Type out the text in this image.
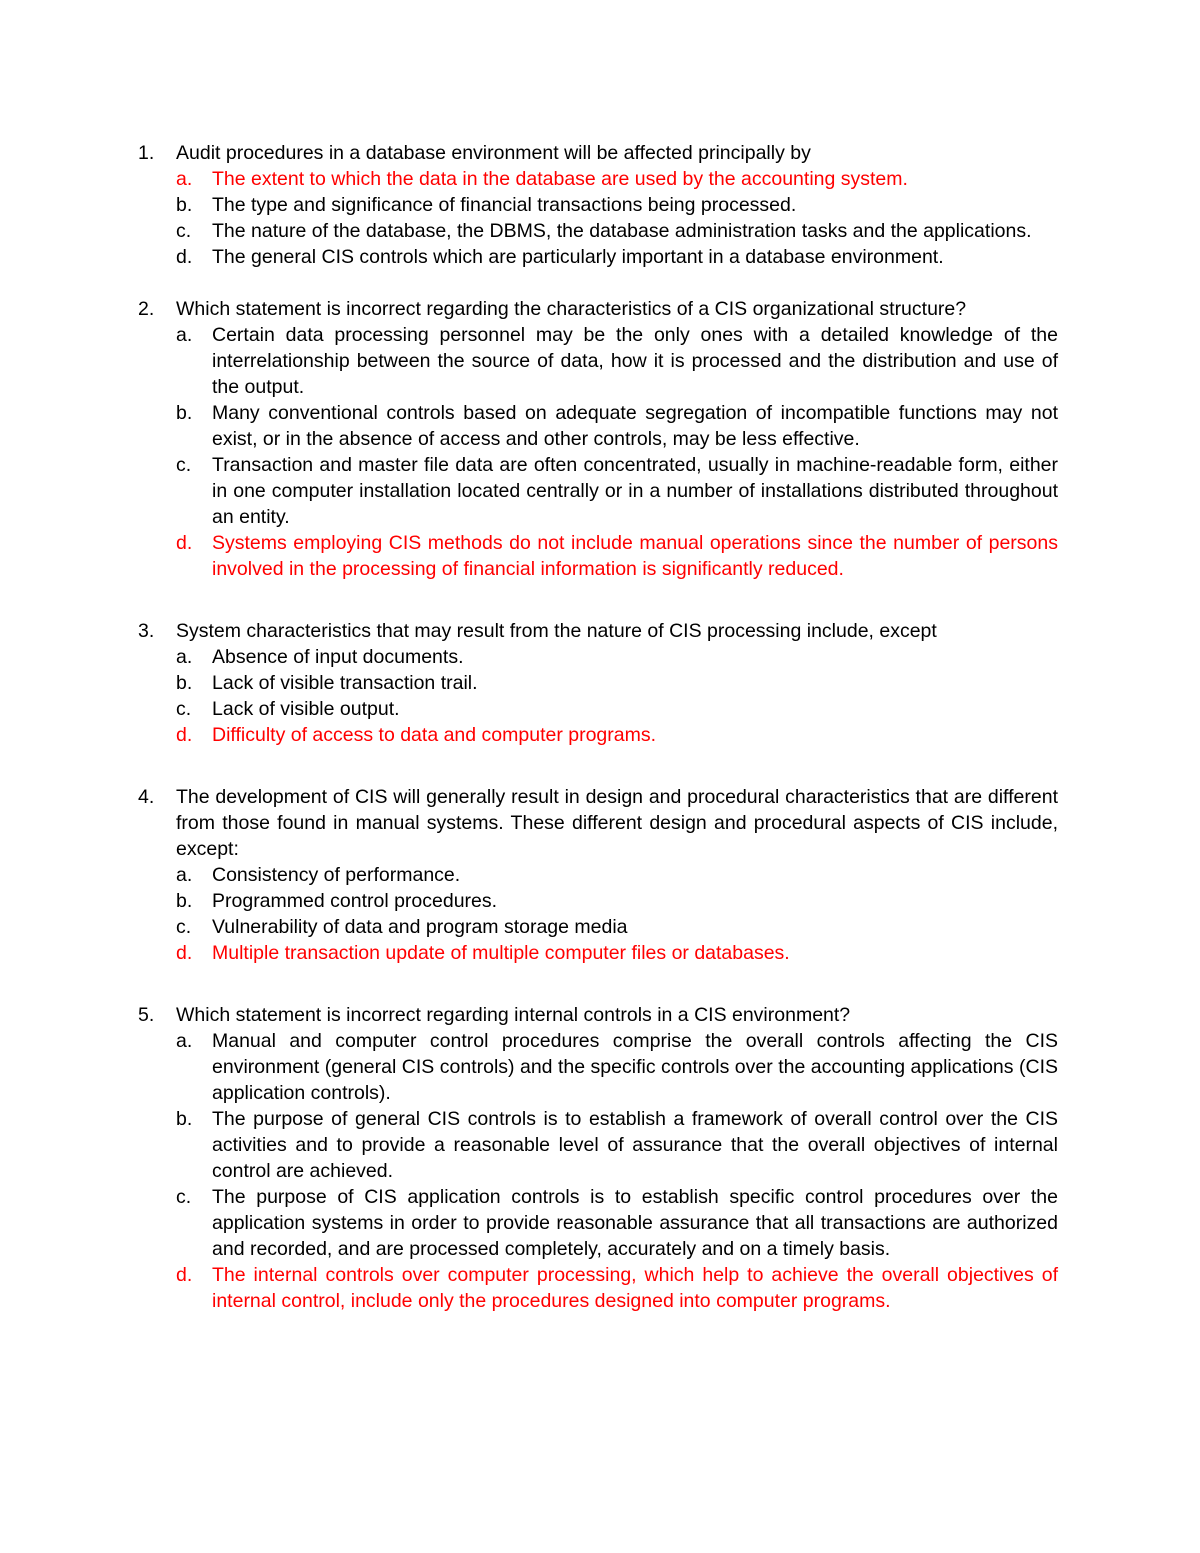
1.	Audit procedures in a database environment will be affected principally by
a.	The extent to which the data in the database are used by the accounting system.
b.	The type and significance of financial transactions being processed.
c.	The nature of the database, the DBMS, the database administration tasks and the applications.
d.	The general CIS controls which are particularly important in a database environment.
2.	Which statement is incorrect regarding the characteristics of a CIS organizational structure?
a.	Certain data processing personnel may be the only ones with a detailed knowledge of the interrelationship between the source of data, how it is processed and the distribution and use of the output.
b.	Many conventional controls based on adequate segregation of incompatible functions may not exist, or in the absence of access and other controls, may be less effective.
c.	Transaction and master file data are often concentrated, usually in machine-readable form, either in one computer installation located centrally or in a number of installations distributed throughout an entity.
d.	Systems employing CIS methods do not include manual operations since the number of persons involved in the processing of financial information is significantly reduced.
3.	System characteristics that may result from the nature of CIS processing include, except
a.	Absence of input documents.
b.	Lack of visible transaction trail.
c.	Lack of visible output.
d.	Difficulty of access to data and computer programs.
4.	The development of CIS will generally result in design and procedural characteristics that are different from those found in manual systems. These different design and procedural aspects of CIS include, except:
a.	Consistency of performance.
b.	Programmed control procedures.
c.	Vulnerability of data and program storage media
d.	Multiple transaction update of multiple computer files or databases.
5.	Which statement is incorrect regarding internal controls in a CIS environment?
a.	Manual and computer control procedures comprise the overall controls affecting the CIS environment (general CIS controls) and the specific controls over the accounting applications (CIS application controls).
b.	The purpose of general CIS controls is to establish a framework of overall control over the CIS activities and to provide a reasonable level of assurance that the overall objectives of internal control are achieved.
c.	The purpose of CIS application controls is to establish specific control procedures over the application systems in order to provide reasonable assurance that all transactions are authorized and recorded, and are processed completely, accurately and on a timely basis.
d.	The internal controls over computer processing, which help to achieve the overall objectives of internal control, include only the procedures designed into computer programs.
